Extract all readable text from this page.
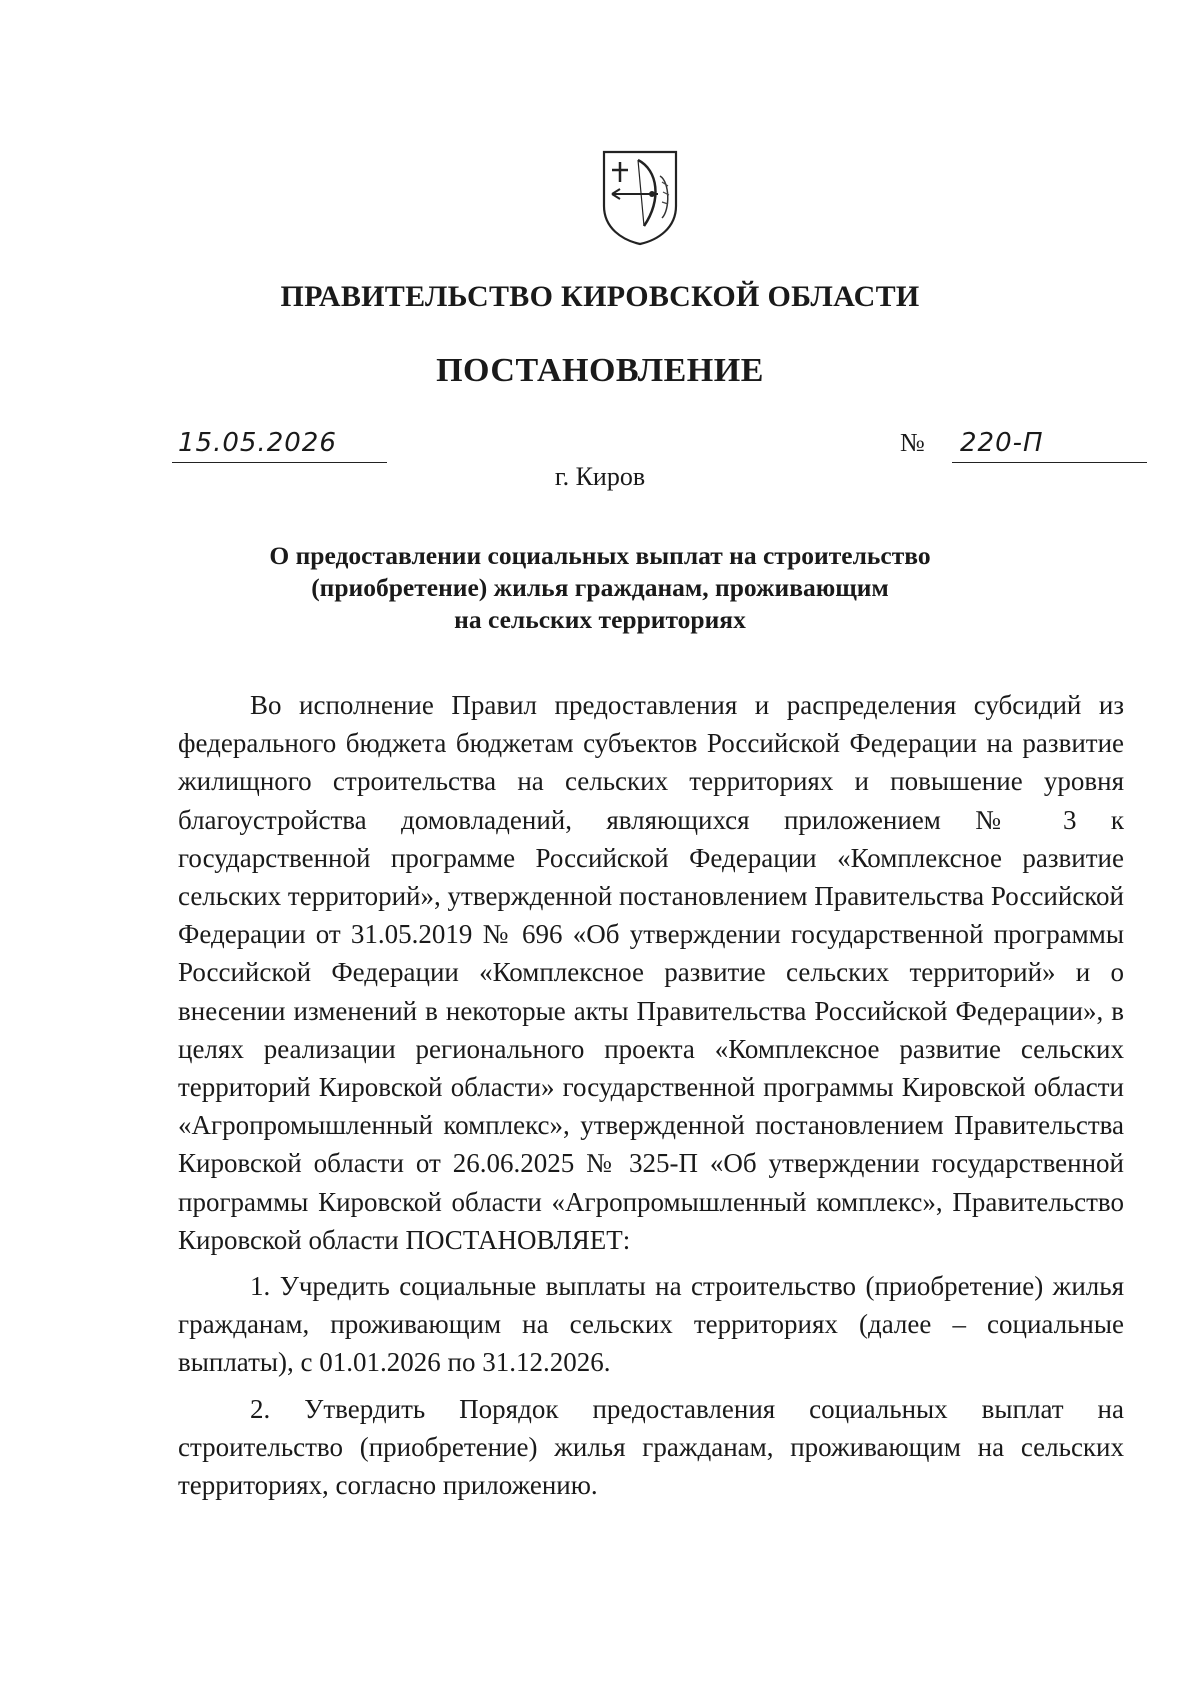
ПРАВИТЕЛЬСТВО КИРОВСКОЙ ОБЛАСТИ
ПОСТАНОВЛЕНИЕ
15.05.2026	№ 220-П
г. Киров
О предоставлении социальных выплат на строительство
(приобретение) жилья гражданам, проживающим
на сельских территориях

Во исполнение Правил предоставления и распределения субсидий из федерального бюджета бюджетам субъектов Российской Федерации на развитие жилищного строительства на сельских территориях и повышение уровня благоустройства домовладений, являющихся приложением № 3 к государственной программе Российской Федерации «Комплексное развитие сельских территорий», утвержденной постановлением Правительства Российской Федерации от 31.05.2019 № 696 «Об утверждении государственной программы Российской Федерации «Комплексное развитие сельских территорий» и о внесении изменений в некоторые акты Правительства Российской Федерации», в целях реализации регионального проекта «Комплексное развитие сельских территорий Кировской области» государственной программы Кировской области «Агропромышленный комплекс», утвержденной постановлением Правительства Кировской области от 26.06.2025 № 325-П «Об утверждении государственной программы Кировской области «Агропромышленный комплекс», Правительство Кировской области ПОСТАНОВЛЯЕТ:

1. Учредить социальные выплаты на строительство (приобретение) жилья гражданам, проживающим на сельских территориях (далее – социальные выплаты), с 01.01.2026 по 31.12.2026.

2. Утвердить Порядок предоставления социальных выплат на строительство (приобретение) жилья гражданам, проживающим на сельских территориях, согласно приложению.
